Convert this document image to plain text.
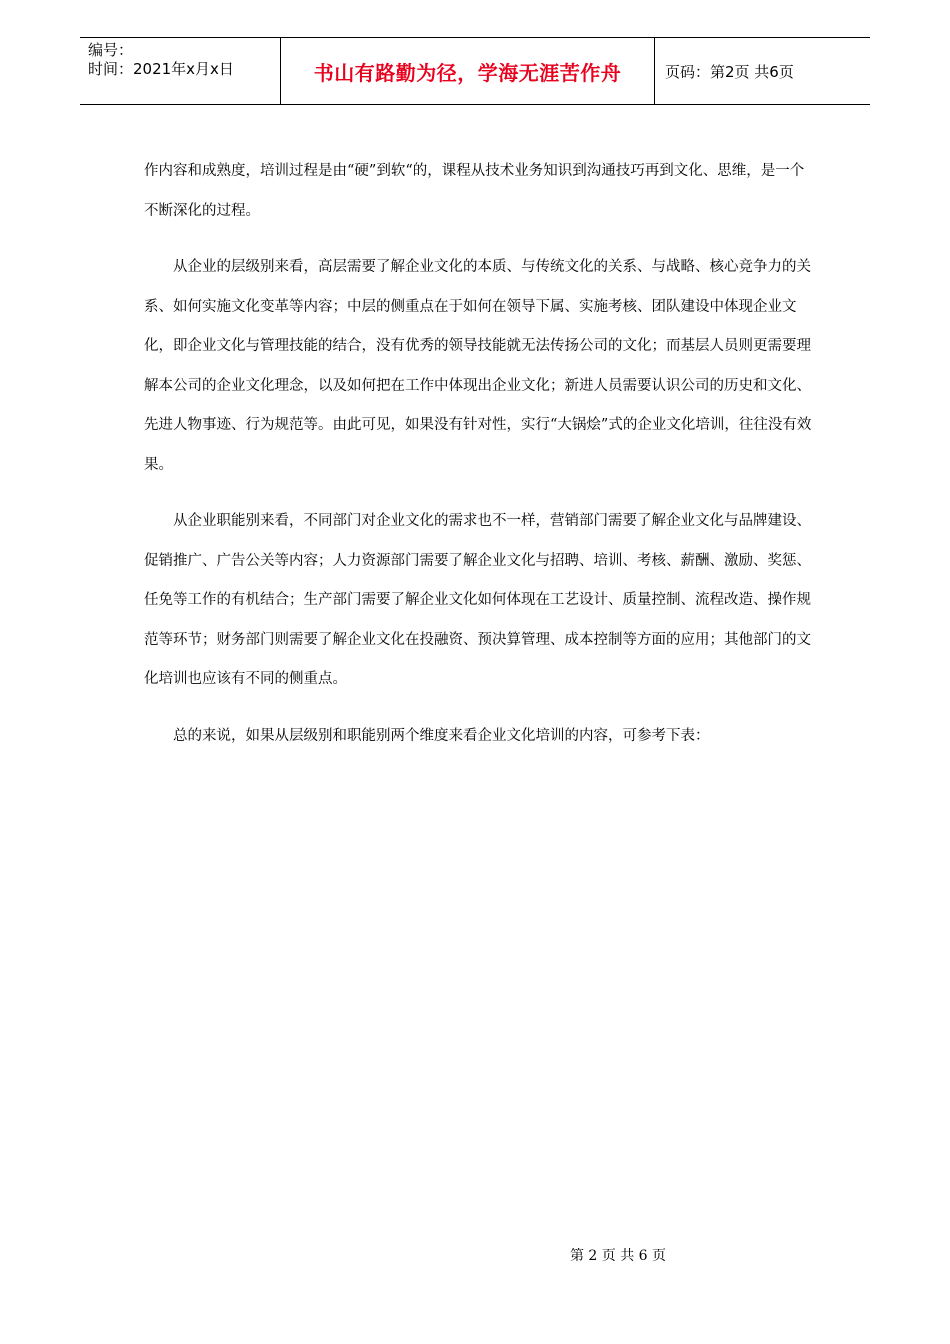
编号：
时间：2021年x月x日	书山有路勤为径，学海无涯苦作舟	页码：第2页 共6页

作内容和成熟度，培训过程是由“硬”到软“的，课程从技术业务知识到沟通技巧再到文化、思维，是一个不断深化的过程。

从企业的层级别来看，高层需要了解企业文化的本质、与传统文化的关系、与战略、核心竞争力的关系、如何实施文化变革等内容；中层的侧重点在于如何在领导下属、实施考核、团队建设中体现企业文化，即企业文化与管理技能的结合，没有优秀的领导技能就无法传扬公司的文化；而基层人员则更需要理解本公司的企业文化理念，以及如何把在工作中体现出企业文化；新进人员需要认识公司的历史和文化、先进人物事迹、行为规范等。由此可见，如果没有针对性，实行“大锅烩”式的企业文化培训，往往没有效果。

从企业职能别来看，不同部门对企业文化的需求也不一样，营销部门需要了解企业文化与品牌建设、促销推广、广告公关等内容；人力资源部门需要了解企业文化与招聘、培训、考核、薪酬、激励、奖惩、任免等工作的有机结合；生产部门需要了解企业文化如何体现在工艺设计、质量控制、流程改造、操作规范等环节；财务部门则需要了解企业文化在投融资、预决算管理、成本控制等方面的应用；其他部门的文化培训也应该有不同的侧重点。

总的来说，如果从层级别和职能别两个维度来看企业文化培训的内容，可参考下表：

第 2 页 共 6 页
